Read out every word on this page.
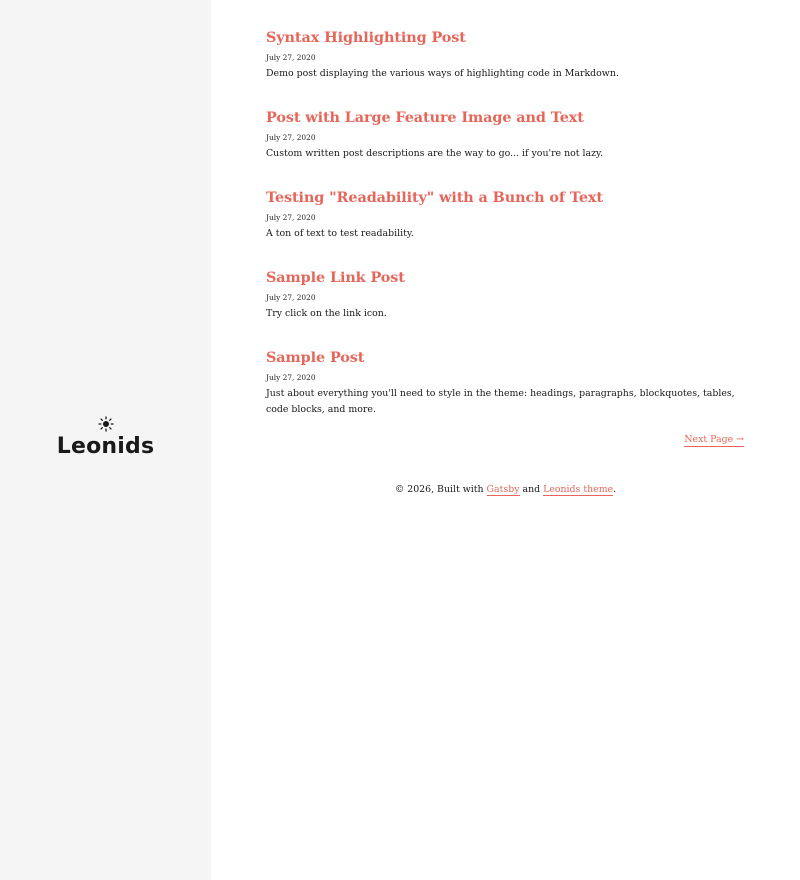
Leonids
Syntax Highlighting Post
July 27, 2020

Demo post displaying the various ways of highlighting code in Markdown.

Post with Large Feature Image and Text
July 27, 2020

Custom written post descriptions are the way to go... if you're not lazy.

Testing "Readability" with a Bunch of Text
July 27, 2020

A ton of text to test readability.

Sample Link Post
July 27, 2020

Try click on the link icon.

Sample Post
July 27, 2020

Just about everything you'll need to style in the theme: headings, paragraphs, blockquotes, tables, code blocks, and more.

Next Page →
© 2026, Built with Gatsby and Leonids theme.
